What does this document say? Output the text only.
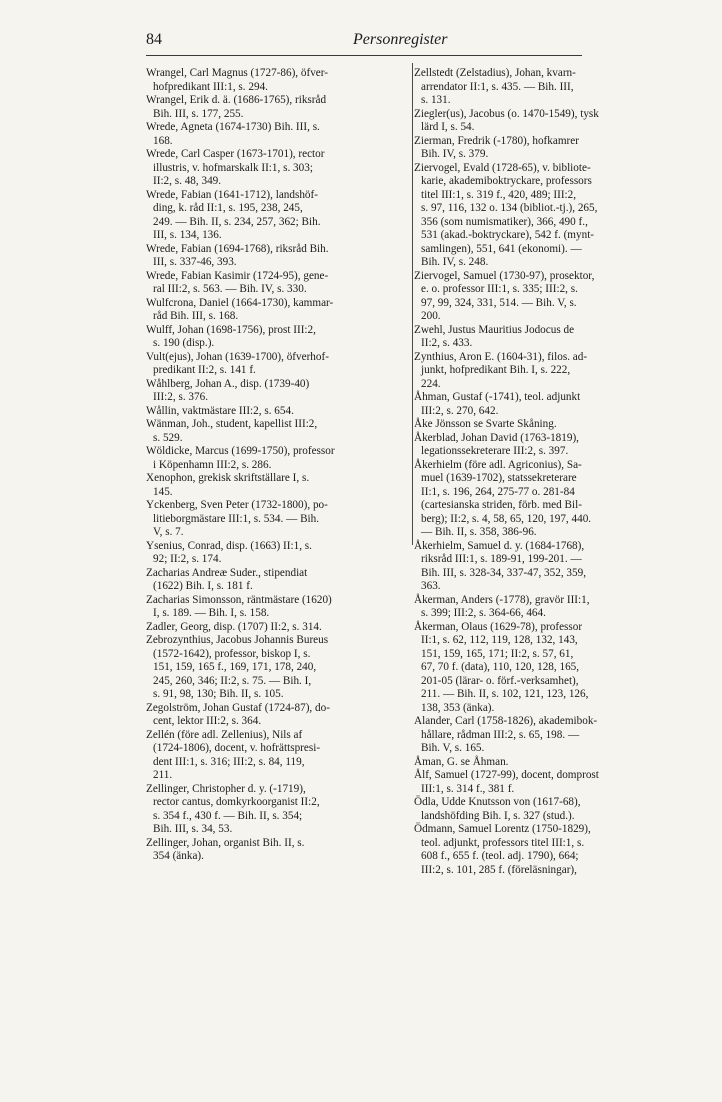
84	Personregister
Wrangel, Carl Magnus (1727-86), öfver-
hofpredikant III:1, s. 294.
Wrangel, Erik d. ä. (1686-1765), riksråd
Bih. III, s. 177, 255.
Wrede, Agneta (1674-1730) Bih. III, s.
168.
Wrede, Carl Casper (1673-1701), rector
illustris, v. hofmarskalk II:1, s. 303;
II:2, s. 48, 349.
Wrede, Fabian (1641-1712), landshöf-
ding, k. råd II:1, s. 195, 238, 245,
249. — Bih. II, s. 234, 257, 362; Bih.
III, s. 134, 136.
Wrede, Fabian (1694-1768), riksråd Bih.
III, s. 337-46, 393.
Wrede, Fabian Kasimir (1724-95), gene-
ral III:2, s. 563. — Bih. IV, s. 330.
Wulfcrona, Daniel (1664-1730), kammar-
råd Bih. III, s. 168.
Wulff, Johan (1698-1756), prost III:2,
s. 190 (disp.).
Vult(ejus), Johan (1639-1700), öfverhof-
predikant II:2, s. 141 f.
Wåhlberg, Johan A., disp. (1739-40)
III:2, s. 376.
Wållin, vaktmästare III:2, s. 654.
Wänman, Joh., student, kapellist III:2,
s. 529.
Wöldicke, Marcus (1699-1750), professor
i Köpenhamn III:2, s. 286.
Xenophon, grekisk skriftställare I, s.
145.
Yckenberg, Sven Peter (1732-1800), po-
litieborgmästare III:1, s. 534. — Bih.
V, s. 7.
Ysenius, Conrad, disp. (1663) II:1, s.
92; II:2, s. 174.
Zacharias Andreæ Suder., stipendiat
(1622) Bih. I, s. 181 f.
Zacharias Simonsson, räntmästare (1620)
I, s. 189. — Bih. I, s. 158.
Zadler, Georg, disp. (1707) II:2, s. 314.
Zebrozynthius, Jacobus Johannis Bureus
(1572-1642), professor, biskop I, s.
151, 159, 165 f., 169, 171, 178, 240,
245, 260, 346; II:2, s. 75. — Bih. I,
s. 91, 98, 130; Bih. II, s. 105.
Zegolström, Johan Gustaf (1724-87), do-
cent, lektor III:2, s. 364.
Zellén (före adl. Zellenius), Nils af
(1724-1806), docent, v. hofrättspresi-
dent III:1, s. 316; III:2, s. 84, 119,
211.
Zellinger, Christopher d. y. (-1719),
rector cantus, domkyrkoorganist II:2,
s. 354 f., 430 f. — Bih. II, s. 354;
Bih. III, s. 34, 53.
Zellinger, Johan, organist Bih. II, s.
354 (änka).
Zellstedt (Zelstadius), Johan, kvarn-
arrendator II:1, s. 435. — Bih. III,
s. 131.
Ziegler(us), Jacobus (o. 1470-1549), tysk
lärd I, s. 54.
Zierman, Fredrik (-1780), hofkamrer
Bih. IV, s. 379.
Ziervogel, Evald (1728-65), v. bibliote-
karie, akademiboktryckare, professors
titel III:1, s. 319 f., 420, 489; III:2,
s. 97, 116, 132 o. 134 (bibliot.-tj.), 265,
356 (som numismatiker), 366, 490 f.,
531 (akad.-boktryckare), 542 f. (mynt-
samlingen), 551, 641 (ekonomi). —
Bih. IV, s. 248.
Ziervogel, Samuel (1730-97), prosektor,
e. o. professor III:1, s. 335; III:2, s.
97, 99, 324, 331, 514. — Bih. V, s.
200.
Zwehl, Justus Mauritius Jodocus de
II:2, s. 433.
Zynthius, Aron E. (1604-31), filos. ad-
junkt, hofpredikant Bih. I, s. 222,
224.
Åhman, Gustaf (-1741), teol. adjunkt
III:2, s. 270, 642.
Åke Jönsson se Svarte Skåning.
Åkerblad, Johan David (1763-1819),
legationssekreterare III:2, s. 397.
Åkerhielm (före adl. Agriconius), Sa-
muel (1639-1702), statssekreterare
II:1, s. 196, 264, 275-77 o. 281-84
(cartesianska striden, förb. med Bil-
berg); II:2, s. 4, 58, 65, 120, 197, 440.
— Bih. II, s. 358, 386-96.
Åkerhielm, Samuel d. y. (1684-1768),
riksråd III:1, s. 189-91, 199-201. —
Bih. III, s. 328-34, 337-47, 352, 359,
363.
Åkerman, Anders (-1778), gravör III:1,
s. 399; III:2, s. 364-66, 464.
Åkerman, Olaus (1629-78), professor
II:1, s. 62, 112, 119, 128, 132, 143,
151, 159, 165, 171; II:2, s. 57, 61,
67, 70 f. (data), 110, 120, 128, 165,
201-05 (lärar- o. förf.-verksamhet),
211. — Bih. II, s. 102, 121, 123, 126,
138, 353 (änka).
Alander, Carl (1758-1826), akademibok-
hållare, rådman III:2, s. 65, 198. —
Bih. V, s. 165.
Åman, G. se Åhman.
Ålf, Samuel (1727-99), docent, domprost
III:1, s. 314 f., 381 f.
Ödla, Udde Knutsson von (1617-68),
landshöfding Bih. I, s. 327 (stud.).
Ödmann, Samuel Lorentz (1750-1829),
teol. adjunkt, professors titel III:1, s.
608 f., 655 f. (teol. adj. 1790), 664;
III:2, s. 101, 285 f. (föreläsningar),
